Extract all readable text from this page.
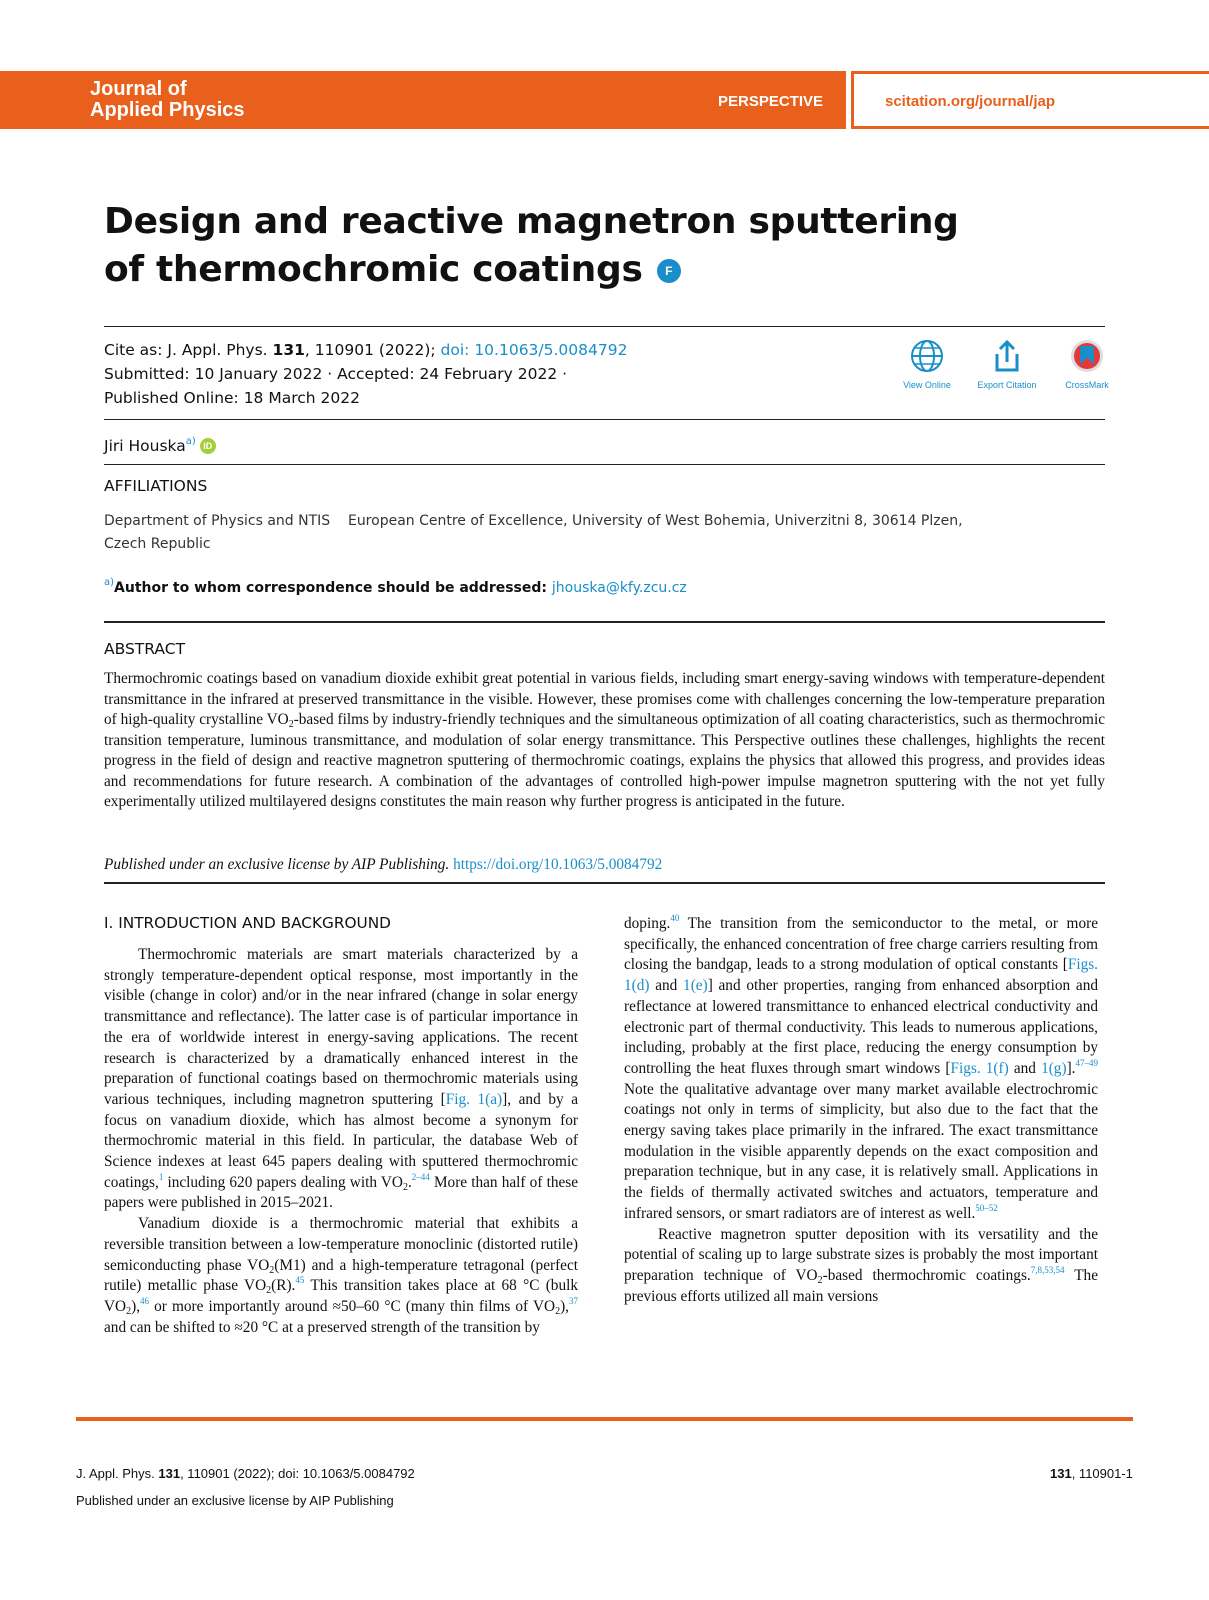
Journal of
Applied Physics	PERSPECTIVE	scitation.org/journal/jap
Design and reactive magnetron sputtering
of thermochromic coatings F
Cite as: J. Appl. Phys. 131, 110901 (2022); doi: 10.1063/5.0084792
Submitted: 10 January 2022 · Accepted: 24 February 2022 ·
Published Online: 18 March 2022
View Online	Export Citation	CrossMark
Jiri Houska$^{a)}$ iD
AFFILIATIONS
Department of Physics and NTIS    European Centre of Excellence, University of West Bohemia, Univerzitni 8, 30614 Plzen,
Czech Republic
$^{a)}$Author to whom correspondence should be addressed: jhouska@kfy.zcu.cz
ABSTRACT
Thermochromic coatings based on vanadium dioxide exhibit great potential in various fields, including smart energy-saving windows with temperature-dependent transmittance in the infrared at preserved transmittance in the visible. However, these promises come with challenges concerning the low-temperature preparation of high-quality crystalline $VO_2$-based films by industry-friendly techniques and the simultaneous optimization of all coating characteristics, such as thermochromic transition temperature, luminous transmittance, and modulation of solar energy transmittance. This Perspective outlines these challenges, highlights the recent progress in the field of design and reactive magnetron sputtering of thermochromic coatings, explains the physics that allowed this progress, and provides ideas and recommendations for future research. A combination of the advantages of controlled high-power impulse magnetron sputtering with the not yet fully experimentally utilized multilayered designs constitutes the main reason why further progress is anticipated in the future.
Published under an exclusive license by AIP Publishing. https://doi.org/10.1063/5.0084792
I. INTRODUCTION AND BACKGROUND

Thermochromic materials are smart materials characterized by a strongly temperature-dependent optical response, most importantly in the visible (change in color) and/or in the near infrared (change in solar energy transmittance and reflectance). The latter case is of particular importance in the era of worldwide interest in energy-saving applications. The recent research is characterized by a dramatically enhanced interest in the preparation of functional coatings based on thermochromic materials using various techniques, including magnetron sputtering [Fig. 1(a)], and by a focus on vanadium dioxide, which has almost become a synonym for thermochromic material in this field. In particular, the database Web of Science indexes at least 645 papers dealing with sputtered thermochromic coatings,$^1$ including 620 papers dealing with $VO_2.^{2-44}$ More than half of these papers were published in 2015–2021.

Vanadium dioxide is a thermochromic material that exhibits a reversible transition between a low-temperature monoclinic (distorted rutile) semiconducting phase $VO_2(M1)$ and a high-temperature tetragonal (perfect rutile) metallic phase $VO_2(R).^{45}$ This transition takes place at 68 °C (bulk $VO_2),^{46}$ or more importantly around ≈50–60 °C (many thin films of $VO_2),^{37}$ and can be shifted to ≈20 °C at a preserved strength of the transition by

doping.$^{40}$ The transition from the semiconductor to the metal, or more specifically, the enhanced concentration of free charge carriers resulting from closing the bandgap, leads to a strong modulation of optical constants [Figs. 1(d) and 1(e)] and other properties, ranging from enhanced absorption and reflectance at lowered transmittance to enhanced electrical conductivity and electronic part of thermal conductivity. This leads to numerous applications, including, probably at the first place, reducing the energy consumption by controlling the heat fluxes through smart windows [Figs. 1(f) and 1(g)].$^{47-49}$ Note the qualitative advantage over many market available electrochromic coatings not only in terms of simplicity, but also due to the fact that the energy saving takes place primarily in the infrared. The exact transmittance modulation in the visible apparently depends on the exact composition and preparation technique, but in any case, it is relatively small. Applications in the fields of thermally activated switches and actuators, temperature and infrared sensors, or smart radiators are of interest as well.$^{50-52}$

Reactive magnetron sputter deposition with its versatility and the potential of scaling up to large substrate sizes is probably the most important preparation technique of $VO_2$-based thermochromic coatings.$^{7,8,53,54}$ The previous efforts utilized all main versions

J. Appl. Phys. 131, 110901 (2022); doi: 10.1063/5.0084792
Published under an exclusive license by AIP Publishing
131, 110901-1
